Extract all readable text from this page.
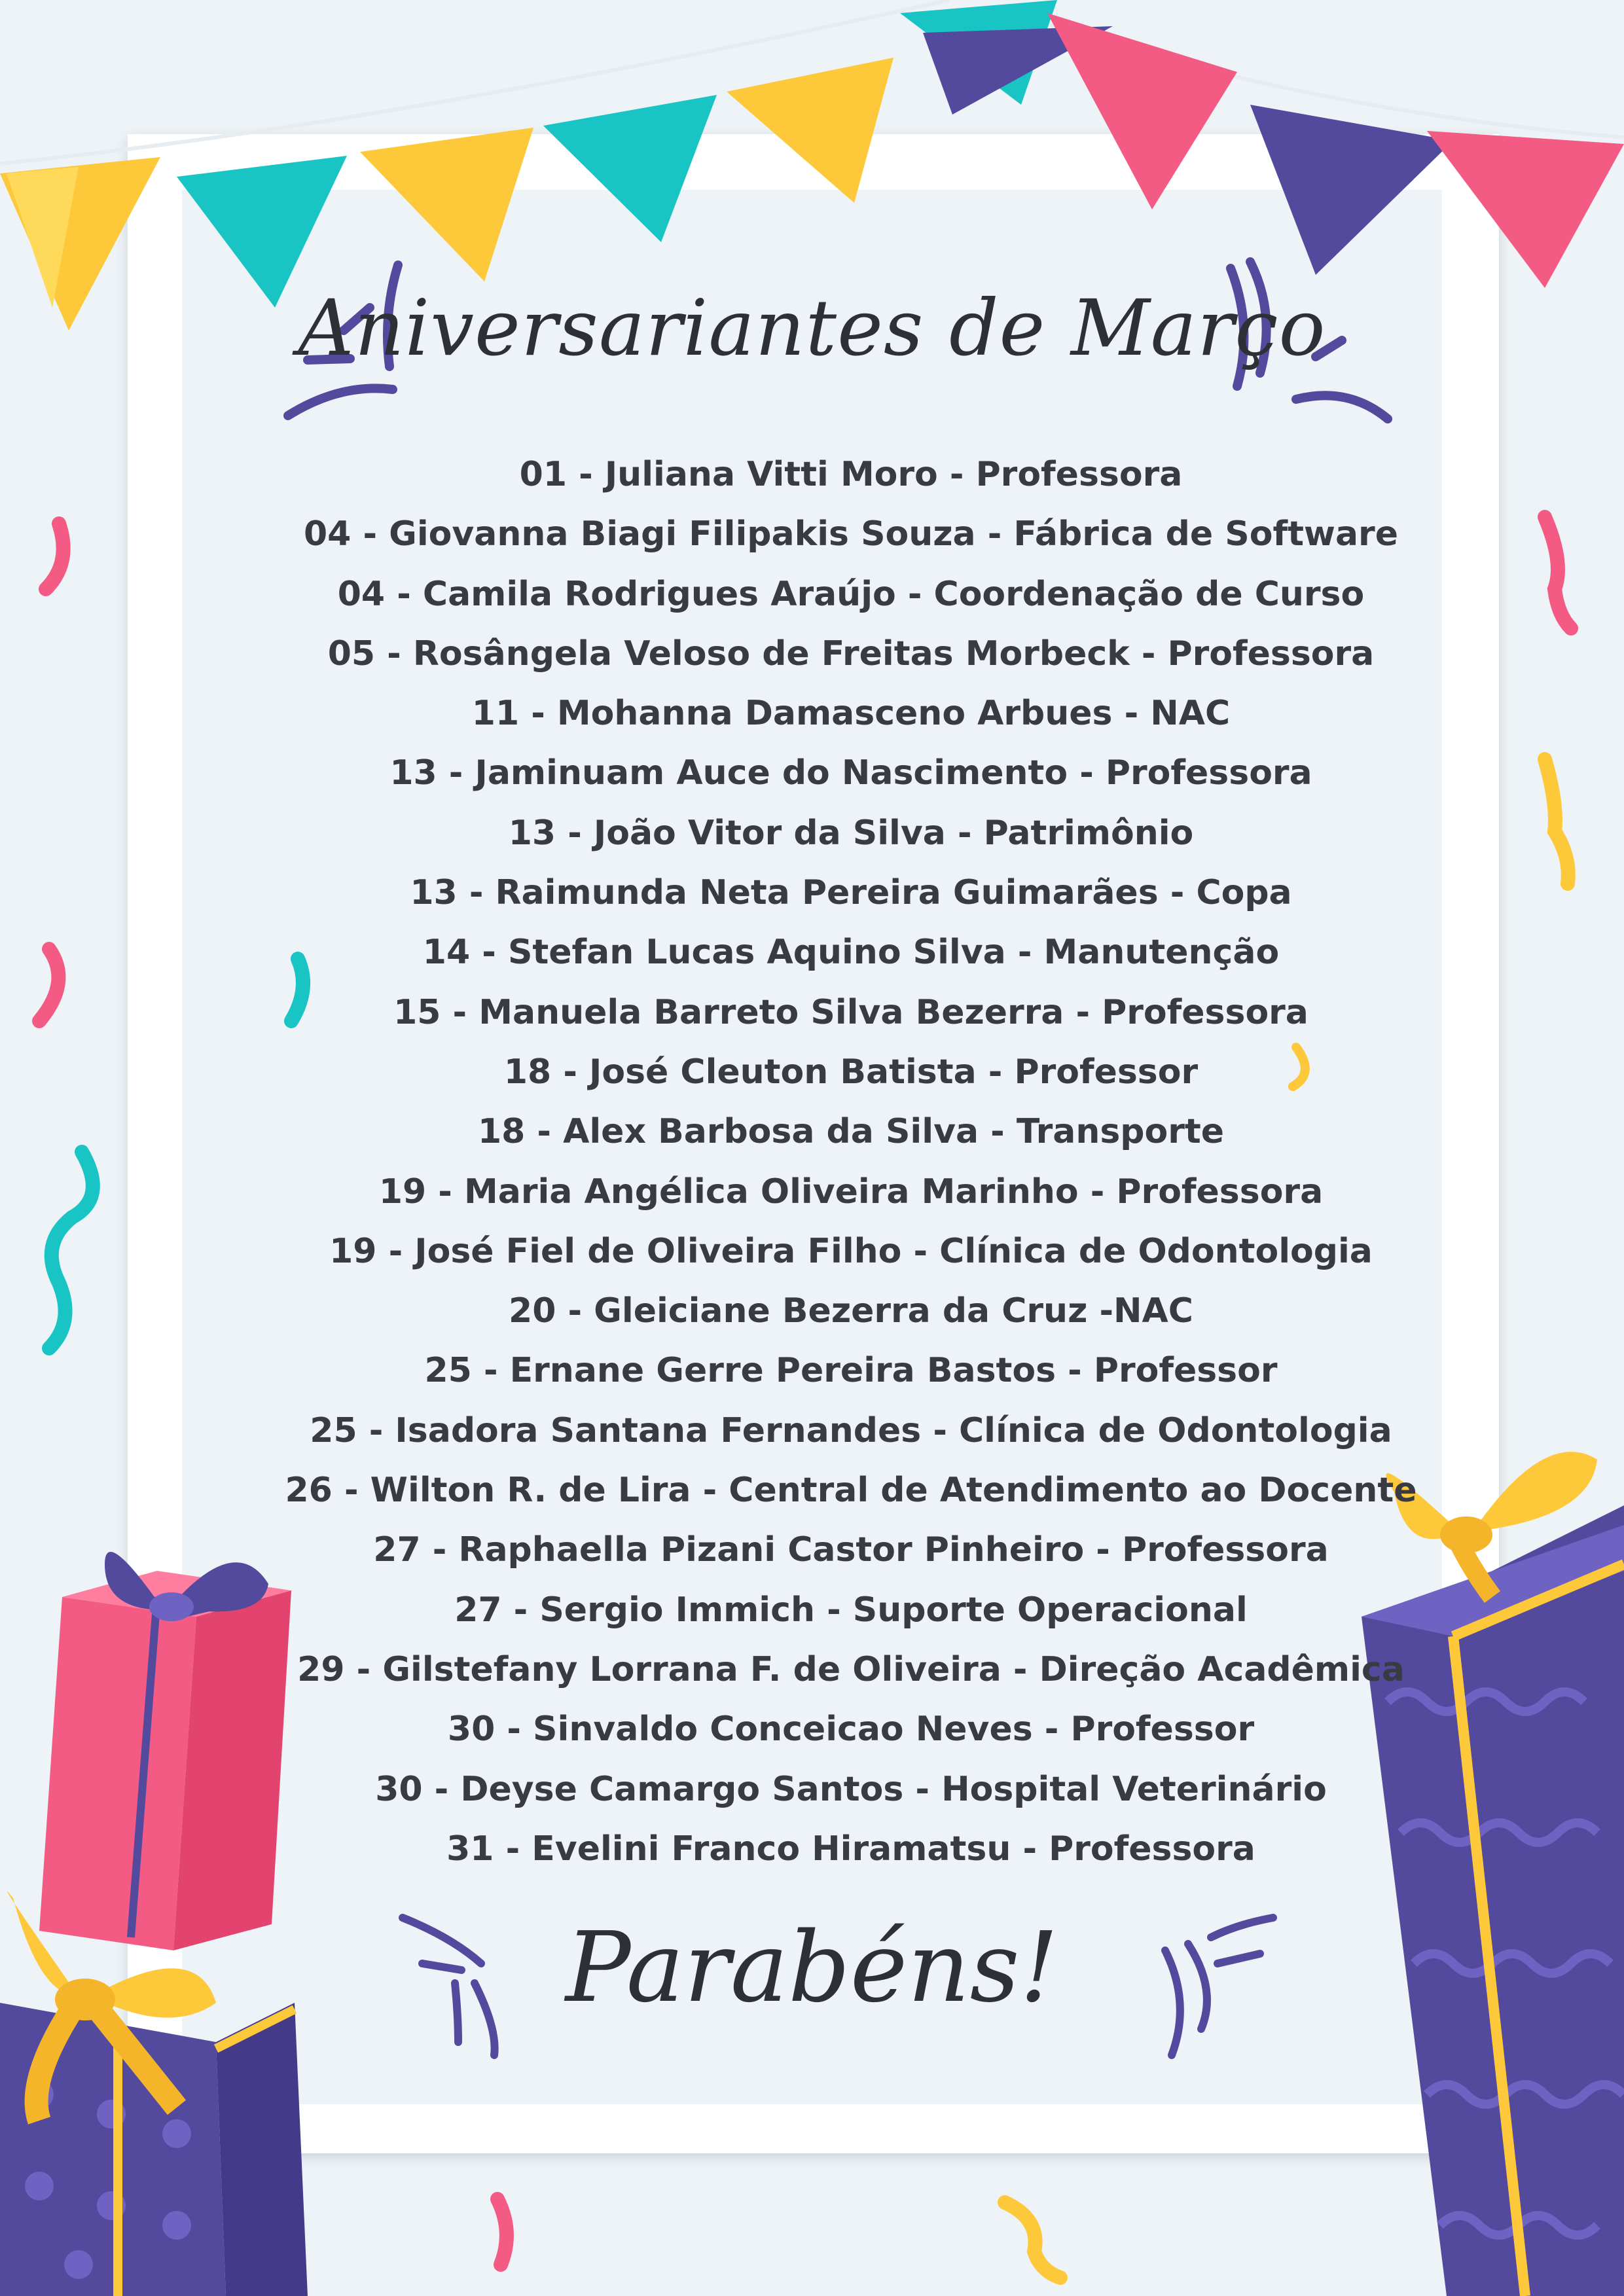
Aniversariantes de Março
01 - Juliana Vitti Moro - Professora
04 - Giovanna Biagi Filipakis Souza - Fábrica de Software
04 - Camila Rodrigues Araújo - Coordenação de Curso
05 - Rosângela Veloso de Freitas Morbeck - Professora
11 - Mohanna Damasceno Arbues - NAC
13 - Jaminuam Auce do Nascimento - Professora
13 - João Vitor da Silva - Patrimônio
13 - Raimunda Neta Pereira Guimarães - Copa
14 - Stefan Lucas Aquino Silva - Manutenção
15 - Manuela Barreto Silva Bezerra - Professora
18 - José Cleuton Batista - Professor
18 - Alex Barbosa da Silva - Transporte
19 - Maria Angélica Oliveira Marinho - Professora
19 - José Fiel de Oliveira Filho - Clínica de Odontologia
20 - Gleiciane Bezerra da Cruz -NAC
25 - Ernane Gerre Pereira Bastos - Professor
25 - Isadora Santana Fernandes - Clínica de Odontologia
26 - Wilton R. de Lira - Central de Atendimento ao Docente
27 - Raphaella Pizani Castor Pinheiro - Professora
27 - Sergio Immich - Suporte Operacional
29 - Gilstefany Lorrana F. de Oliveira - Direção Acadêmica
30 - Sinvaldo Conceicao Neves - Professor
30 - Deyse Camargo Santos - Hospital Veterinário
31 - Evelini Franco Hiramatsu - Professora
Parabéns!
